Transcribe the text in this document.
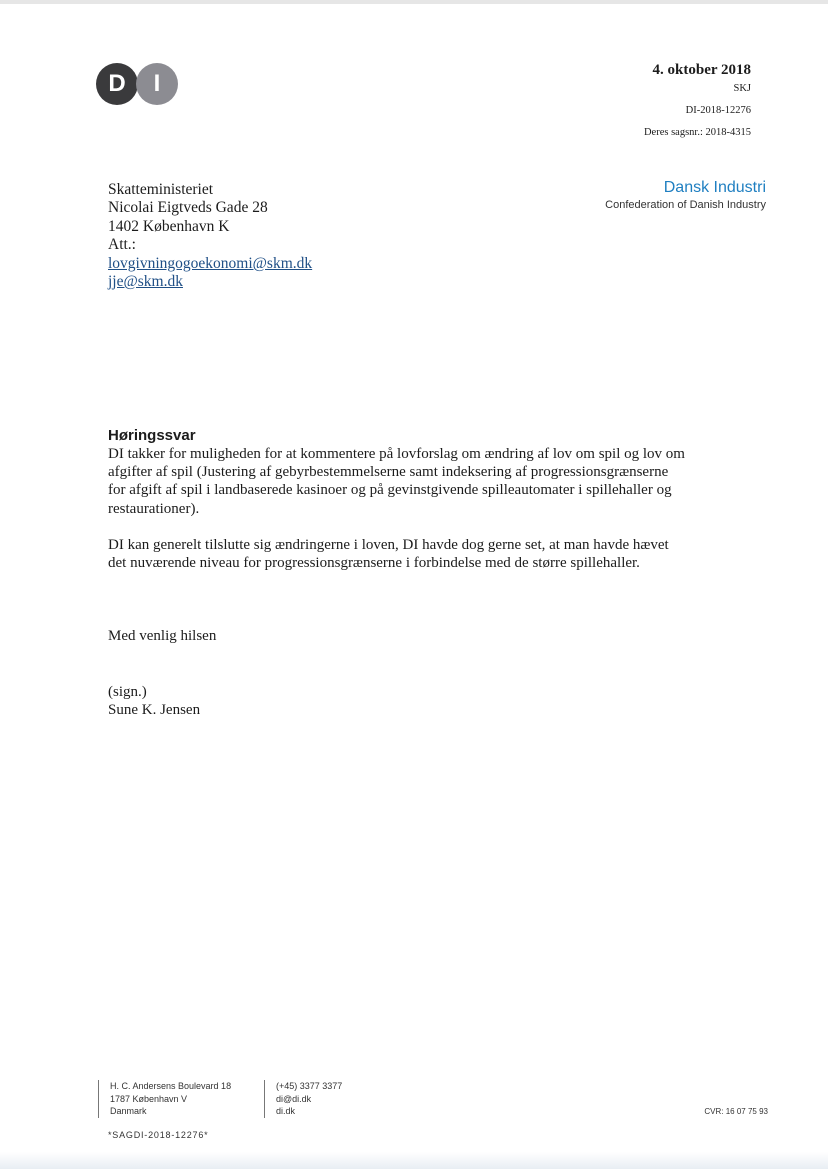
D	I	4. oktober 2018
SKJ
DI-2018-12276
Deres sagsnr.: 2018-4315
Dansk Industri
Confederation of Danish Industry
Skatteministeriet
Nicolai Eigtveds Gade 28
1402 København K
Att.:
lovgivningogoekonomi@skm.dk
jje@skm.dk
Høringssvar

DI takker for muligheden for at kommentere på lovforslag om ændring af lov om spil og lov om afgifter af spil (Justering af gebyrbestemmelserne samt indeksering af progressionsgrænserne for afgift af spil i landbaserede kasinoer og på gevinstgivende spilleautomater i spillehaller og restaurationer).

DI kan generelt tilslutte sig ændringerne i loven, DI havde dog gerne set, at man havde hævet det nuværende niveau for progressionsgrænserne i forbindelse med de større spillehaller.

Med venlig hilsen
(sign.)
Sune K. Jensen
H. C. Andersens Boulevard 18
1787 København V
Danmark
(+45) 3377 3377
di@di.dk
di.dk	CVR: 16 07 75 93
*SAGDI-2018-12276*
